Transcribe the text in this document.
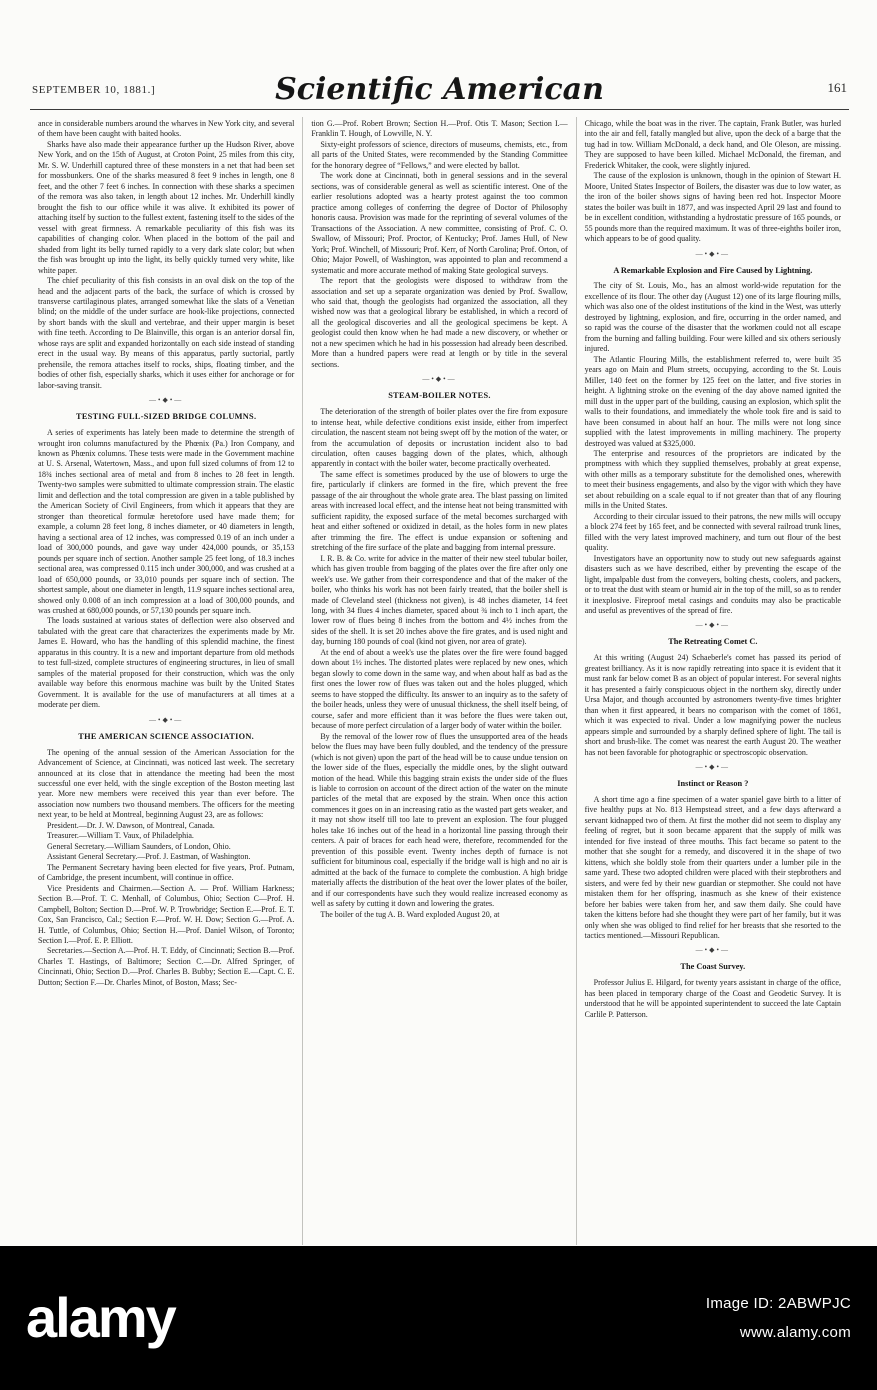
SEPTEMBER 10, 1881.]	Scientific American	161

ance in considerable numbers around the wharves in New York city, and several of them have been caught with baited hooks.

Sharks have also made their appearance further up the Hudson River, above New York, and on the 15th of August, at Croton Point, 25 miles from this city, Mr. S. W. Underhill captured three of these monsters in a net that had been set for mossbunkers. One of the sharks measured 8 feet 9 inches in length, one 8 feet, and the other 7 feet 6 inches. In connection with these sharks a specimen of the remora was also taken, in length about 12 inches. Mr. Underhill kindly brought the fish to our office while it was alive. It exhibited its power of attaching itself by suction to the fullest extent, fastening itself to the sides of the vessel with great firmness. A remarkable peculiarity of this fish was its capabilities of changing color. When placed in the bottom of the pail and shaded from light its belly turned rapidly to a very dark slate color; but when the fish was brought up into the light, its belly quickly turned very white, like white paper.

The chief peculiarity of this fish consists in an oval disk on the top of the head and the adjacent parts of the back, the surface of which is crossed by transverse cartilaginous plates, arranged somewhat like the slats of a Venetian blind; on the middle of the under surface are hook-like projections, connected by short bands with the skull and vertebrae, and their upper margin is beset with fine teeth. According to De Blainville, this organ is an anterior dorsal fin, whose rays are split and expanded horizontally on each side instead of standing erect in the usual way. By means of this apparatus, partly suctorial, partly prehensile, the remora attaches itself to rocks, ships, floating timber, and the bodies of other fish, especially sharks, which it uses either for anchorage or for labor-saving transit.

—•◆•—
TESTING FULL-SIZED BRIDGE COLUMNS.

A series of experiments has lately been made to determine the strength of wrought iron columns manufactured by the Phœnix (Pa.) Iron Company, and known as Phœnix columns. These tests were made in the Government machine at U. S. Arsenal, Watertown, Mass., and upon full sized columns of from 12 to 18¾ inches sectional area of metal and from 8 inches to 28 feet in length. Twenty-two samples were submitted to ultimate compression strain. The elastic limit and deflection and the total compression are given in a table published by the American Society of Civil Engineers, from which it appears that they are stronger than theoretical formulæ heretofore used have made them; for example, a column 28 feet long, 8 inches diameter, or 40 diameters in length, having a sectional area of 12 inches, was compressed 0.19 of an inch under a load of 300,000 pounds, and gave way under 424,000 pounds, or 35,153 pounds per square inch of section. Another sample 25 feet long, of 18.3 inches sectional area, was compressed 0.115 inch under 300,000, and was crushed at a load of 650,000 pounds, or 33,010 pounds per square inch of section. The shortest sample, about one diameter in length, 11.9 square inches sectional area, showed only 0.008 of an inch compression at a load of 300,000 pounds, and was crushed at 680,000 pounds, or 57,130 pounds per square inch.

The loads sustained at various states of deflection were also observed and tabulated with the great care that characterizes the experiments made by Mr. James E. Howard, who has the handling of this splendid machine, the finest apparatus in this country. It is a new and important departure from old methods to test full-sized, complete structures of engineering structures, in lieu of small samples of the material proposed for their construction, which was the only available way before this enormous machine was built by the United States Government. It is available for the use of manufacturers at all times at a moderate per diem.

—•◆•—
THE AMERICAN SCIENCE ASSOCIATION.

The opening of the annual session of the American Association for the Advancement of Science, at Cincinnati, was noticed last week. The secretary announced at its close that in attendance the meeting had been the most successful one ever held, with the single exception of the Boston meeting last year. More new members were received this year than ever before. The association now numbers two thousand members. The officers for the meeting next year, to be held at Montreal, beginning August 23, are as follows:

President.—Dr. J. W. Dawson, of Montreal, Canada.

Treasurer.—William T. Vaux, of Philadelphia.

General Secretary.—William Saunders, of London, Ohio.

Assistant General Secretary.—Prof. J. Eastman, of Washington.

The Permanent Secretary having been elected for five years, Prof. Putnam, of Cambridge, the present incumbent, will continue in office.

Vice Presidents and Chairmen.—Section A. — Prof. William Harkness; Section B.—Prof. T. C. Menhall, of Columbus, Ohio; Section C—Prof. H. Campbell, Bolton; Section D.—Prof. W. P. Trowbridge; Section E.—Prof. E. T. Cox, San Francisco, Cal.; Section F.—Prof. W. H. Dow; Section G.—Prof. A. H. Tuttle, of Columbus, Ohio; Section H.—Prof. Daniel Wilson, of Toronto; Section I.—Prof. E. P. Elliott.

Secretaries.—Section A.—Prof. H. T. Eddy, of Cincinnati; Section B.—Prof. Charles T. Hastings, of Baltimore; Section C.—Dr. Alfred Springer, of Cincinnati, Ohio; Section D.—Prof. Charles B. Bubby; Section E.—Capt. C. E. Dutton; Section F.—Dr. Charles Minot, of Boston, Mass; Sec-

tion G.—Prof. Robert Brown; Section H.—Prof. Otis T. Mason; Section I.—Franklin T. Hough, of Lowville, N. Y.

Sixty-eight professors of science, directors of museums, chemists, etc., from all parts of the United States, were recommended by the Standing Committee for the honorary degree of “Fellows,” and were elected by ballot.

The work done at Cincinnati, both in general sessions and in the several sections, was of considerable general as well as scientific interest. One of the earlier resolutions adopted was a hearty protest against the too common practice among colleges of conferring the degree of Doctor of Philosophy honoris causa. Provision was made for the reprinting of several volumes of the Transactions of the Association. A new committee, consisting of Prof. C. O. Swallow, of Missouri; Prof. Proctor, of Kentucky; Prof. James Hull, of New York; Prof. Winchell, of Missouri; Prof. Kerr, of North Carolina; Prof. Orton, of Ohio; Major Powell, of Washington, was appointed to plan and recommend a systematic and more accurate method of making State geological surveys.

The report that the geologists were disposed to withdraw from the association and set up a separate organization was denied by Prof. Swallow, who said that, though the geologists had organized the association, all they wished now was that a geological library be established, in which a record of all the geological discoveries and all the geological specimens be kept. A geologist could then know when he had made a new discovery, or whether or not a new specimen which he had in his possession had already been described. More than a hundred papers were read at length or by title in the several sections.

—•◆•—
STEAM-BOILER NOTES.

The deterioration of the strength of boiler plates over the fire from exposure to intense heat, while defective conditions exist inside, either from imperfect circulation, the nascent steam not being swept off by the motion of the water, or from the accumulation of deposits or incrustation incident also to bad circulation, often causes bagging down of the plates, which, although apparently in contact with the boiler water, become practically overheated.

The same effect is sometimes produced by the use of blowers to urge the fire, particularly if clinkers are formed in the fire, which prevent the free passage of the air throughout the whole grate area. The blast passing on limited areas with increased local effect, and the intense heat not being transmitted with sufficient rapidity, the exposed surface of the metal becomes surcharged with heat and either softened or oxidized in detail, as the holes form in new plates after trimming the fire. The effect is undue expansion or softening and stretching of the fire surface of the plate and bagging from internal pressure.

I. R. B. & Co. write for advice in the matter of their new steel tubular boiler, which has given trouble from bagging of the plates over the fire after only one week's use. We gather from their correspondence and that of the maker of the boiler, who thinks his work has not been fairly treated, that the boiler shell is made of Cleveland steel (thickness not given), is 48 inches diameter, 14 feet long, with 34 flues 4 inches diameter, spaced about ¾ inch to 1 inch apart, the lower row of flues being 8 inches from the bottom and 4½ inches from the sides of the shell. It is set 20 inches above the fire grates, and is used night and day, burning 180 pounds of coal (kind not given, nor area of grate).

At the end of about a week's use the plates over the fire were found bagged down about 1½ inches. The distorted plates were replaced by new ones, which began slowly to come down in the same way, and when about half as bad as the first ones the lower row of flues was taken out and the holes plugged, which seems to have stopped the difficulty. Its answer to an inquiry as to the safety of the boiler heads, unless they were of unusual thickness, the shell itself being, of course, safer and more efficient than it was before the flues were taken out, because of more perfect circulation of a larger body of water within the boiler.

By the removal of the lower row of flues the unsupported area of the heads below the flues may have been fully doubled, and the tendency of the pressure (which is not given) upon the part of the head will be to cause undue tension on the lower side of the flues, especially the middle ones, by the slight outward motion of the head. While this bagging strain exists the under side of the flues is liable to corrosion on account of the direct action of the water on the minute particles of the metal that are exposed by the strain. When once this action commences it goes on in an increasing ratio as the wasted part gets weaker, and it may not show itself till too late to prevent an explosion. The four plugged holes take 16 inches out of the head in a horizontal line passing through their centers. A pair of braces for each head were, therefore, recommended for the prevention of this possible event. Twenty inches depth of furnace is not sufficient for bituminous coal, especially if the bridge wall is high and no air is admitted at the back of the furnace to complete the combustion. A high bridge materially affects the distribution of the heat over the lower plates of the boiler, and if our correspondents have such they would realize increased economy as well as safety by cutting it down and lowering the grates.

The boiler of the tug A. B. Ward exploded August 20, at

Chicago, while the boat was in the river. The captain, Frank Butler, was hurled into the air and fell, fatally mangled but alive, upon the deck of a barge that the tug had in tow. William McDonald, a deck hand, and Ole Oleson, are missing. They are supposed to have been killed. Michael McDonald, the fireman, and Frederick Whitaker, the cook, were slightly injured.

The cause of the explosion is unknown, though in the opinion of Stewart H. Moore, United States Inspector of Boilers, the disaster was due to low water, as the iron of the boiler shows signs of having been red hot. Inspector Moore states the boiler was built in 1877, and was inspected April 29 last and found to be in excellent condition, withstanding a hydrostatic pressure of 165 pounds, or 55 pounds more than the required maximum. It was of three-eighths boiler iron, which appears to be of good quality.

—•◆•—
A Remarkable Explosion and Fire Caused by Lightning.

The city of St. Louis, Mo., has an almost world-wide reputation for the excellence of its flour. The other day (August 12) one of its large flouring mills, which was also one of the oldest institutions of the kind in the West, was utterly destroyed by lightning, explosion, and fire, occurring in the order named, and so rapid was the course of the disaster that the workmen could not all escape from the burning and falling building. Four were killed and six others seriously injured.

The Atlantic Flouring Mills, the establishment referred to, were built 35 years ago on Main and Plum streets, occupying, according to the St. Louis Miller, 140 feet on the former by 125 feet on the latter, and five stories in height. A lightning stroke on the evening of the day above named ignited the mill dust in the upper part of the building, causing an explosion, which split the walls to their foundations, and immediately the whole took fire and is said to have been consumed in about half an hour. The mills were not long since supplied with the latest improvements in milling machinery. The property destroyed was valued at $325,000.

The enterprise and resources of the proprietors are indicated by the promptness with which they supplied themselves, probably at great expense, with other mills as a temporary substitute for the demolished ones, wherewith to meet their business engagements, and also by the vigor with which they have set about rebuilding on a scale equal to if not greater than that of any flouring mills in the United States.

According to their circular issued to their patrons, the new mills will occupy a block 274 feet by 165 feet, and be connected with several railroad trunk lines, filled with the very latest improved machinery, and turn out flour of the best quality.

Investigators have an opportunity now to study out new safeguards against disasters such as we have described, either by preventing the escape of the light, impalpable dust from the conveyers, bolting chests, coolers, and packers, or to treat the dust with steam or humid air in the top of the mill, so as to render it inexplosive. Fireproof metal casings and conduits may also be practicable and useful as preventives of the spread of fire.

—•◆•—
The Retreating Comet C.

At this writing (August 24) Schaeberle's comet has passed its period of greatest brilliancy. As it is now rapidly retreating into space it is evident that it must rank far below comet B as an object of popular interest. For several nights it has presented a fairly conspicuous object in the northern sky, directly under Ursa Major, and though accounted by astronomers twenty-five times brighter than when it first appeared, it bears no comparison with the comet of 1861, which it was expected to rival. Under a low magnifying power the nucleus appears simple and surrounded by a sharply defined sphere of light. The tail is short and brush-like. The comet was nearest the earth August 20. The weather has not been favorable for photographic or spectroscopic observation.

—•◆•—
Instinct or Reason ?

A short time ago a fine specimen of a water spaniel gave birth to a litter of five healthy pups at No. 813 Hempstead street, and a few days afterward a servant kidnapped two of them. At first the mother did not seem to display any feeling of regret, but it soon became apparent that the supply of milk was intended for five instead of three mouths. This fact became so patent to the mother that she sought for a remedy, and discovered it in the shape of two kittens, which she boldly stole from their quarters under a lumber pile in the same yard. These two adopted children were placed with their stepbrothers and sisters, and were fed by their new guardian or stepmother. She could not have mistaken them for her offspring, inasmuch as she knew of their existence before her babies were taken from her, and saw them daily. She could have taken the kittens before had she thought they were part of her family, but it was only when she was obliged to find relief for her breasts that she resorted to the tactics mentioned.—Missouri Republican.

—•◆•—
The Coast Survey.

Professor Julius E. Hilgard, for twenty years assistant in charge of the office, has been placed in temporary charge of the Coast and Geodetic Survey. It is understood that he will be appointed superintendent to succeed the late Captain Carlile P. Patterson.

alamy	Image ID: 2ABWPJC
www.alamy.com
